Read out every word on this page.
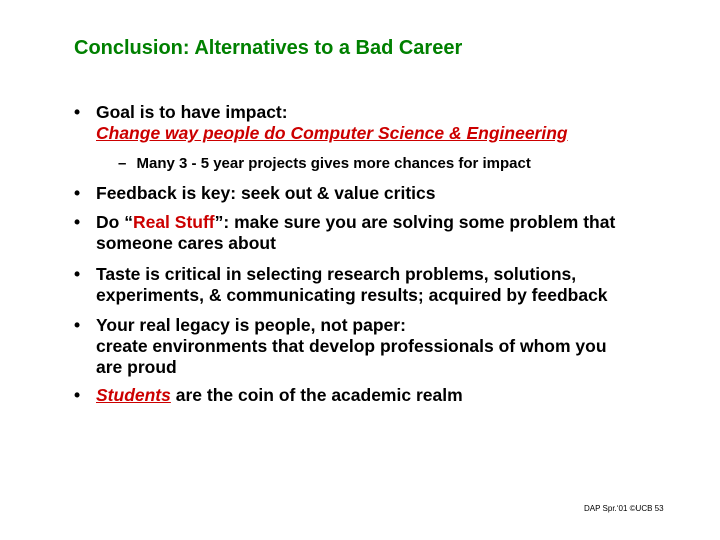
Conclusion: Alternatives to a Bad Career
• Goal is to have impact:
Change way people do Computer Science & Engineering
– Many 3 - 5 year projects gives more chances for impact
• Feedback is key: seek out & value critics
• Do “Real Stuff”: make sure you are solving some problem that
someone cares about
• Taste is critical in selecting research problems, solutions,
experiments, & communicating results; acquired by feedback
• Your real legacy is people, not paper:
create environments that develop professionals of whom you
are proud
• Students are the coin of the academic realm
DAP Spr.‘01 ©UCB 53
